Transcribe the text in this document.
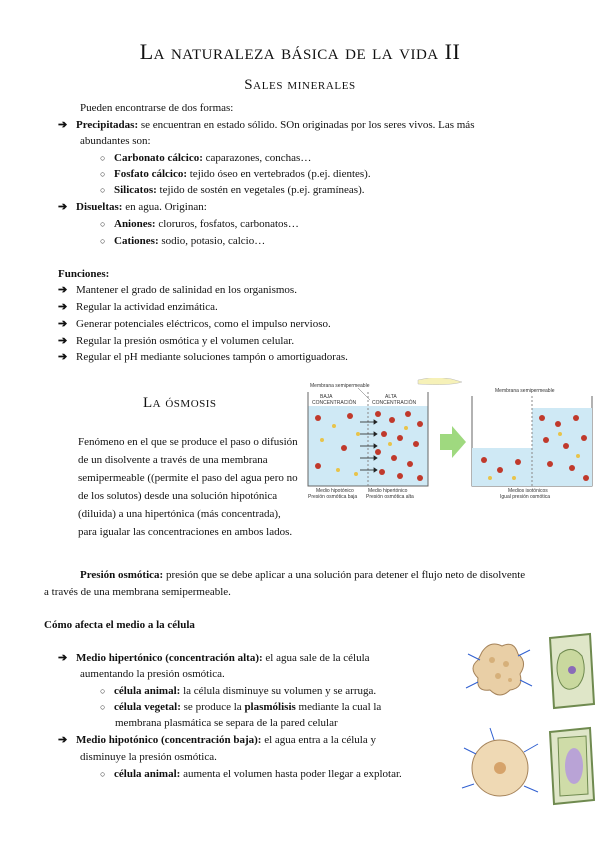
La naturaleza básica de la vida II
Sales minerales
Pueden encontrarse de dos formas:
➔ Precipitadas: se encuentran en estado sólido. SOn originadas por los seres vivos. Las más
abundantes son:
○ Carbonato cálcico: caparazones, conchas…
○ Fosfato cálcico: tejido óseo en vertebrados (p.ej. dientes).
○ Silicatos: tejido de sostén en vegetales (p.ej. gramíneas).
➔ Disueltas: en agua. Originan:
○ Aniones: cloruros, fosfatos, carbonatos…
○ Cationes: sodio, potasio, calcio…
Funciones:
➔ Mantener el grado de salinidad en los organismos.
➔ Regular la actividad enzimática.
➔ Generar potenciales eléctricos, como el impulso nervioso.
➔ Regular la presión osmótica y el volumen celular.
➔ Regular el pH mediante soluciones tampón o amortiguadoras.
La ósmosis
Fenómeno en el que se produce el paso o difusión de un disolvente a través de una membrana semipermeable ((permite el paso del agua pero no de los solutos) desde una solución hipotónica (diluida) a una hipertónica (más concentrada), para igualar las concentraciones en ambos lados.
Membrana semipermeable
BAJA
CONCENTRACIÓN
ALTA
CONCENTRACIÓN
Medio hipotónico
Presión osmótica baja
Medio hipertónico
Presión osmótica alta
Membrana semipermeable
Medios isotónicos
Igual presión osmótica
Presión osmótica: presión que se debe aplicar a una solución para detener el flujo neto de disolvente
a través de una membrana semipermeable.
Cómo afecta el medio a la célula
➔ Medio hipertónico (concentración alta): el agua sale de la célula
aumentando la presión osmótica.
○ célula animal: la célula disminuye su volumen y se arruga.
○ célula vegetal: se produce la plasmólisis mediante la cual la
membrana plasmática se separa de la pared celular
➔ Medio hipotónico (concentración baja): el agua entra a la célula y
disminuye la presión osmótica.
○ célula animal: aumenta el volumen hasta poder llegar a explotar.
